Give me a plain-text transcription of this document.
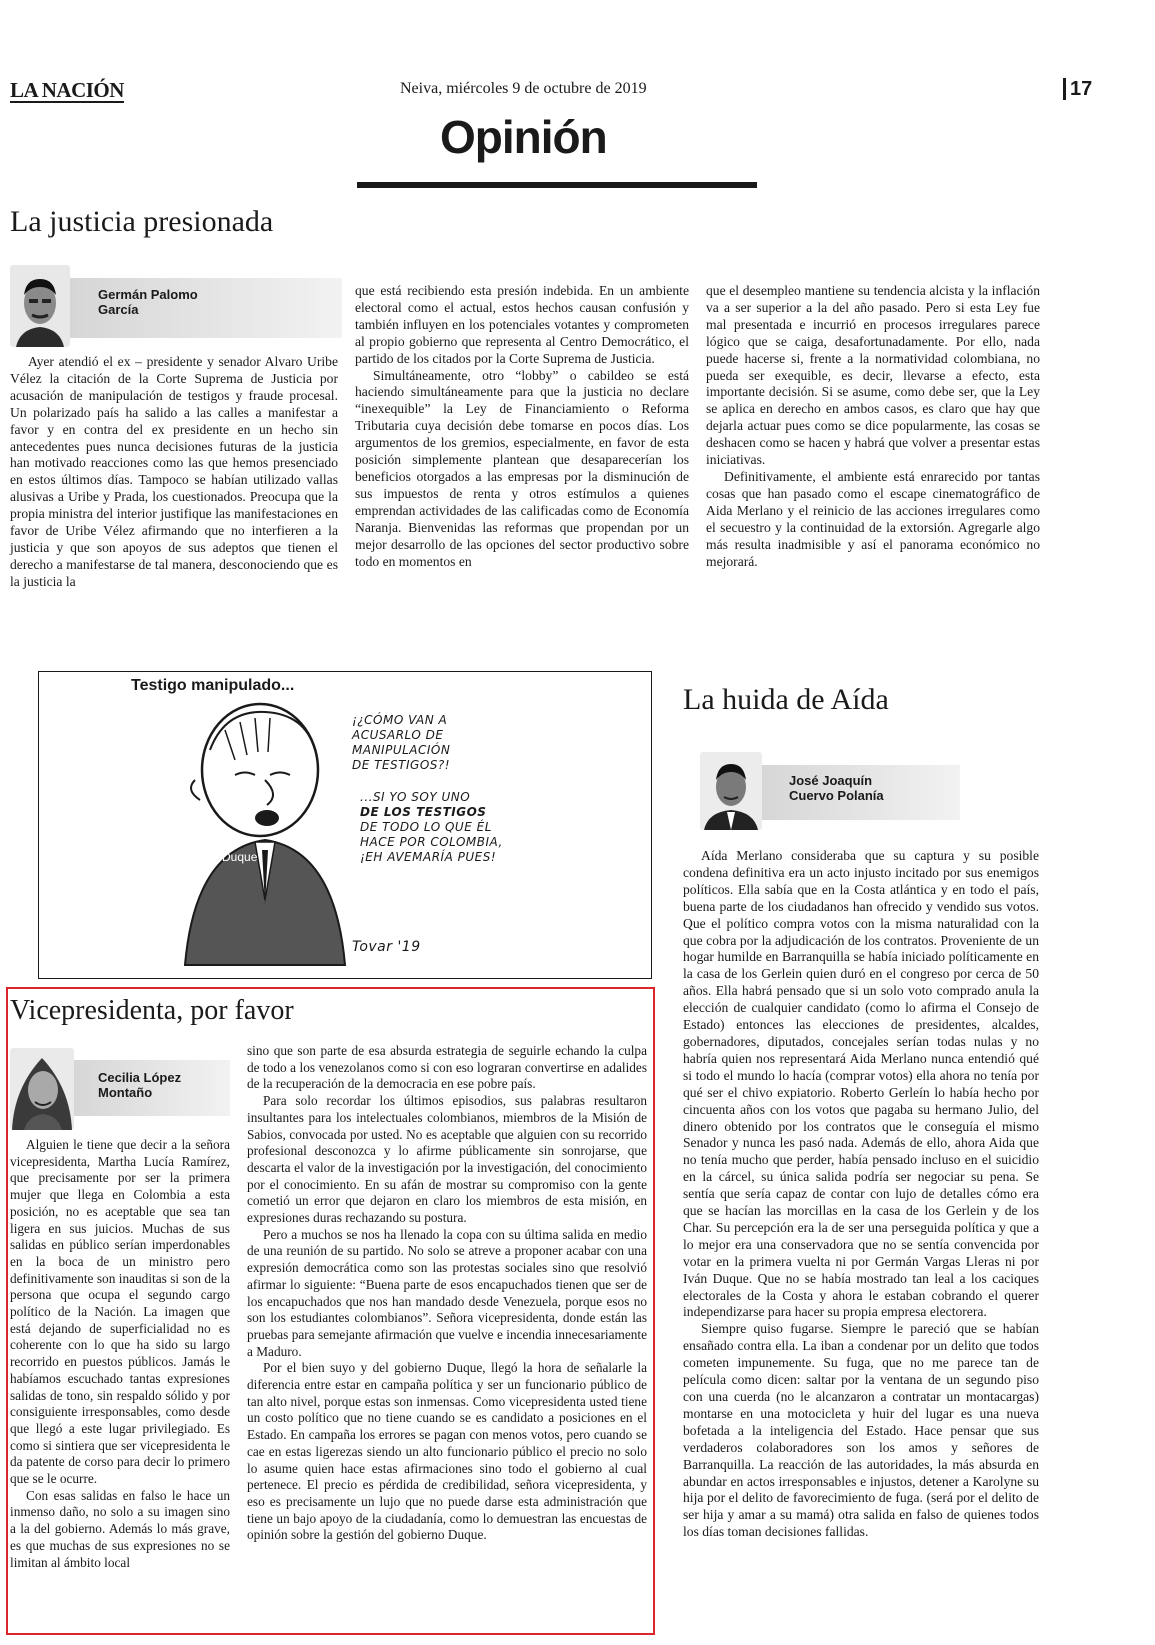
LA NACIÓN	Neiva, miércoles 9 de octubre de 2019	17
Opinión
La justicia presionada
Germán Palomo
García

Ayer atendió el ex – presidente y senador Alvaro Uribe Vélez la citación de la Corte Suprema de Justicia por acusación de manipulación de testigos y fraude procesal. Un polarizado país ha salido a las calles a manifestar a favor y en contra del ex presidente en un hecho sin antecedentes pues nunca decisiones futuras de la justicia han motivado reacciones como las que hemos presenciado en estos últimos días. Tampoco se habían utilizado vallas alusivas a Uribe y Prada, los cuestionados. Preocupa que la propia ministra del interior justifique las manifestaciones en favor de Uribe Vélez afirmando que no interfieren a la justicia y que son apoyos de sus adeptos que tienen el derecho a manifestarse de tal manera, desconociendo que es la justicia la

que está recibiendo esta presión indebida. En un ambiente electoral como el actual, estos hechos causan confusión y también influyen en los potenciales votantes y comprometen al propio gobierno que representa al Centro Democrático, el partido de los citados por la Corte Suprema de Justicia.

Simultáneamente, otro “lobby” o cabildeo se está haciendo simultáneamente para que la justicia no declare “inexequible” la Ley de Financiamiento o Reforma Tributaria cuya decisión debe tomarse en pocos días. Los argumentos de los gremios, especialmente, en favor de esta posición simplemente plantean que desaparecerían los beneficios otorgados a las empresas por la disminución de sus impuestos de renta y otros estímulos a quienes emprendan actividades de las calificadas como de Economía Naranja. Bienvenidas las reformas que propendan por un mejor desarrollo de las opciones del sector productivo sobre todo en momentos en

que el desempleo mantiene su tendencia alcista y la inflación va a ser superior a la del año pasado. Pero si esta Ley fue mal presentada e incurrió en procesos irregulares parece lógico que se caiga, desafortunadamente. Por ello, nada puede hacerse si, frente a la normatividad colombiana, no pueda ser exequible, es decir, llevarse a efecto, esta importante decisión. Si se asume, como debe ser, que la Ley se aplica en derecho en ambos casos, es claro que hay que dejarla actuar pues como se dice popularmente, las cosas se deshacen como se hacen y habrá que volver a presentar estas iniciativas.

Definitivamente, el ambiente está enrarecido por tantas cosas que han pasado como el escape cinematográfico de Aida Merlano y el reinicio de las acciones irregulares como el secuestro y la continuidad de la extorsión. Agregarle algo más resulta inadmisible y así el panorama económico no mejorará.

Testigo manipulado...
Duque
¡¿CÓMO VAN A
ACUSARLO DE
MANIPULACIÓN
DE TESTIGOS?!
...SI YO SOY UNO
DE LOS TESTIGOS
DE TODO LO QUE ÉL
HACE POR COLOMBIA,
¡EH AVEMARÍA PUES!
Tovar '19
La huida de Aída
José Joaquín
Cuervo Polanía

Aída Merlano consideraba que su captura y su posible condena definitiva era un acto injusto incitado por sus enemigos políticos. Ella sabía que en la Costa atlántica y en todo el país, buena parte de los ciudadanos han ofrecido y vendido sus votos. Que el político compra votos con la misma naturalidad con la que cobra por la adjudicación de los contratos. Proveniente de un hogar humilde en Barranquilla se había iniciado políticamente en la casa de los Gerlein quien duró en el congreso por cerca de 50 años. Ella habrá pensado que si un solo voto comprado anula la elección de cualquier candidato (como lo afirma el Consejo de Estado) entonces las elecciones de presidentes, alcaldes, gobernadores, diputados, concejales serían todas nulas y no habría quien nos representará Aida Merlano nunca entendió qué si todo el mundo lo hacía (comprar votos) ella ahora no tenía por qué ser el chivo expiatorio. Roberto Gerleín lo había hecho por cincuenta años con los votos que pagaba su hermano Julio, del dinero obtenido por los contratos que le conseguía el mismo Senador y nunca les pasó nada. Además de ello, ahora Aida que no tenía mucho que perder, había pensado incluso en el suicidio en la cárcel, su única salida podría ser negociar su pena. Se sentía que sería capaz de contar con lujo de detalles cómo era que se hacían las morcillas en la casa de los Gerlein y de los Char. Su percepción era la de ser una perseguida política y que a lo mejor era una conservadora que no se sentía convencida por votar en la primera vuelta ni por Germán Vargas Lleras ni por Iván Duque. Que no se había mostrado tan leal a los caciques electorales de la Costa y ahora le estaban cobrando el querer independizarse para hacer su propia empresa electorera.

Siempre quiso fugarse. Siempre le pareció que se habían ensañado contra ella. La iban a condenar por un delito que todos cometen impunemente. Su fuga, que no me parece tan de película como dicen: saltar por la ventana de un segundo piso con una cuerda (no le alcanzaron a contratar un montacargas) montarse en una motocicleta y huir del lugar es una nueva bofetada a la inteligencia del Estado. Hace pensar que sus verdaderos colaboradores son los amos y señores de Barranquilla. La reacción de las autoridades, la más absurda en abundar en actos irresponsables e injustos, detener a Karolyne su hija por el delito de favorecimiento de fuga. (será por el delito de ser hija y amar a su mamá) otra salida en falso de quienes todos los días toman decisiones fallidas.

Vicepresidenta, por favor
Cecilia López
Montaño

Alguien le tiene que decir a la señora vicepresidenta, Martha Lucía Ramírez, que precisamente por ser la primera mujer que llega en Colombia a esta posición, no es aceptable que sea tan ligera en sus juicios. Muchas de sus salidas en público serían imperdonables en la boca de un ministro pero definitivamente son inauditas si son de la persona que ocupa el segundo cargo político de la Nación. La imagen que está dejando de superficialidad no es coherente con lo que ha sido su largo recorrido en puestos públicos. Jamás le habíamos escuchado tantas expresiones salidas de tono, sin respaldo sólido y por consiguiente irresponsables, como desde que llegó a este lugar privilegiado. Es como si sintiera que ser vicepresidenta le da patente de corso para decir lo primero que se le ocurre.

Con esas salidas en falso le hace un inmenso daño, no solo a su imagen sino a la del gobierno. Además lo más grave, es que muchas de sus expresiones no se limitan al ámbito local

sino que son parte de esa absurda estrategia de seguirle echando la culpa de todo a los venezolanos como si con eso lograran convertirse en adalides de la recuperación de la democracia en ese pobre país.

Para solo recordar los últimos episodios, sus palabras resultaron insultantes para los intelectuales colombianos, miembros de la Misión de Sabios, convocada por usted. No es aceptable que alguien con su recorrido profesional desconozca y lo afirme públicamente sin sonrojarse, que descarta el valor de la investigación por la investigación, del conocimiento por el conocimiento. En su afán de mostrar su compromiso con la gente cometió un error que dejaron en claro los miembros de esta misión, en expresiones duras rechazando su postura.

Pero a muchos se nos ha llenado la copa con su última salida en medio de una reunión de su partido. No solo se atreve a proponer acabar con una expresión democrática como son las protestas sociales sino que resolvió afirmar lo siguiente: “Buena parte de esos encapuchados tienen que ser de los encapuchados que nos han mandado desde Venezuela, porque esos no son los estudiantes colombianos”. Señora vicepresidenta, donde están las pruebas para semejante afirmación que vuelve e incendia innecesariamente a Maduro.

Por el bien suyo y del gobierno Duque, llegó la hora de señalarle la diferencia entre estar en campaña política y ser un funcionario público de tan alto nivel, porque estas son inmensas. Como vicepresidenta usted tiene un costo político que no tiene cuando se es candidato a posiciones en el Estado. En campaña los errores se pagan con menos votos, pero cuando se cae en estas ligerezas siendo un alto funcionario público el precio no solo lo asume quien hace estas afirmaciones sino todo el gobierno al cual pertenece. El precio es pérdida de credibilidad, señora vicepresidenta, y eso es precisamente un lujo que no puede darse esta administración que tiene un bajo apoyo de la ciudadanía, como lo demuestran las encuestas de opinión sobre la gestión del gobierno Duque.
